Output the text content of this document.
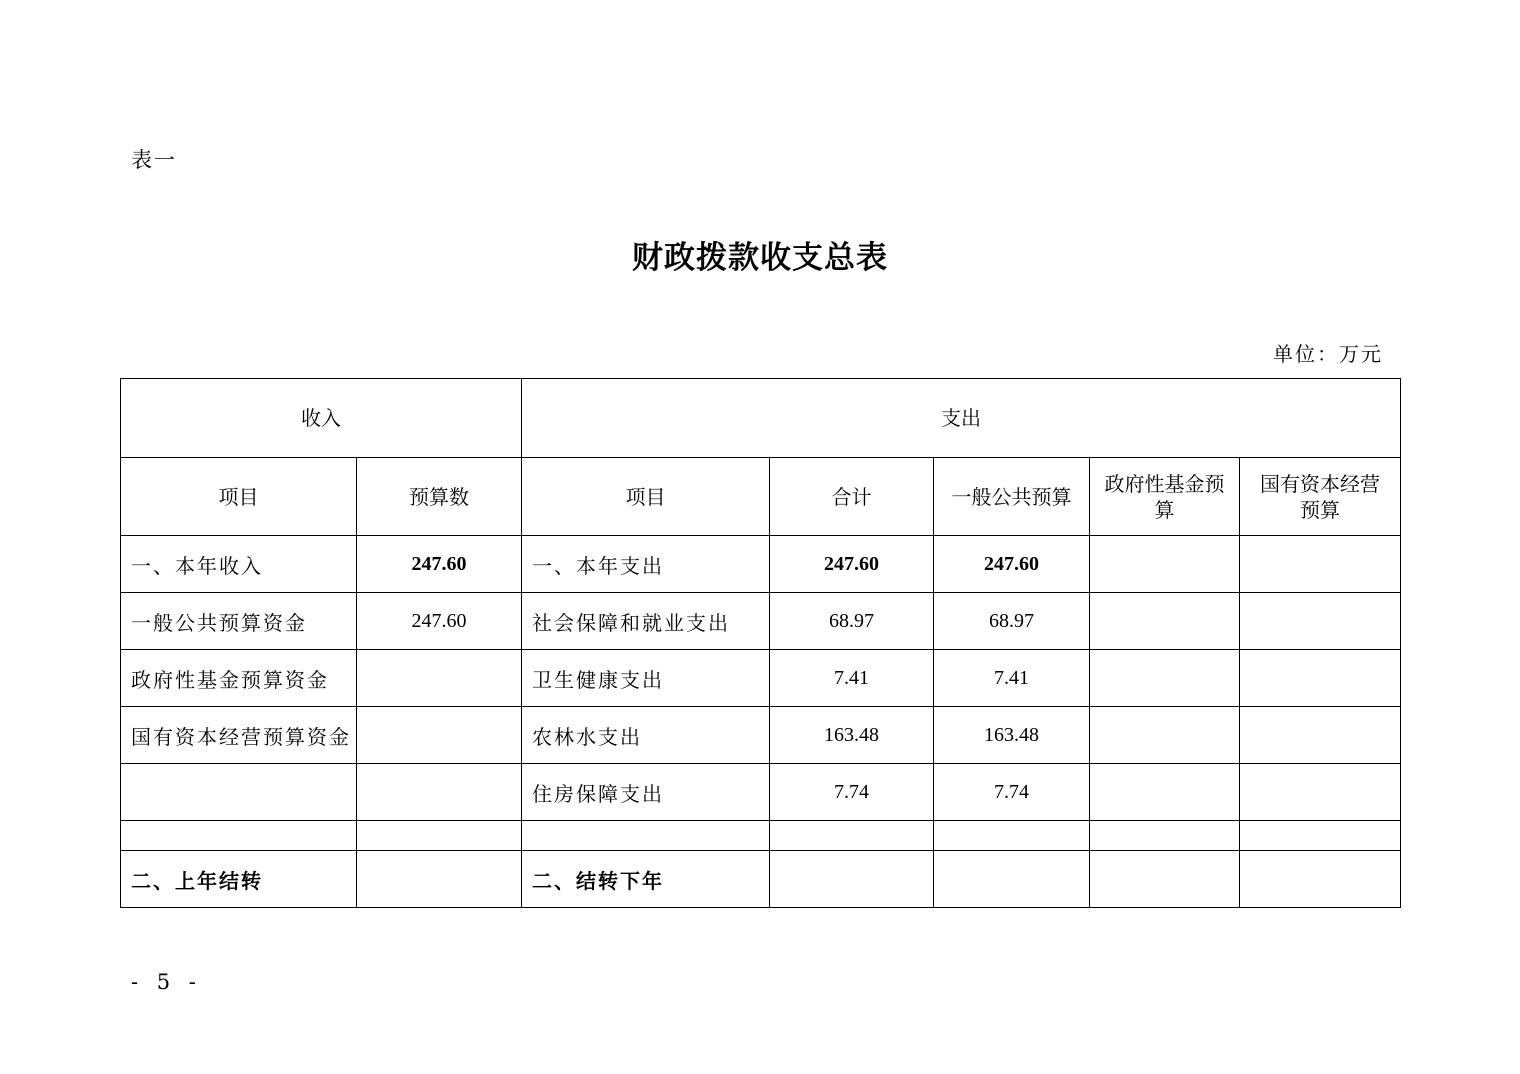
表一
财政拨款收支总表
单位：万元
收入		支出				
项目	预算数	项目	合计	一般公共预算	政府性基金预算	国有资本经营预算
一、本年收入	247.60	一、本年支出	247.60	247.60		
一般公共预算资金	247.60	社会保障和就业支出	68.97	68.97		
政府性基金预算资金		卫生健康支出	7.41	7.41		
国有资本经营预算资金		农林水支出	163.48	163.48		
		住房保障支出	7.74	7.74		

二、上年结转		二、结转下年				
- 5 -
